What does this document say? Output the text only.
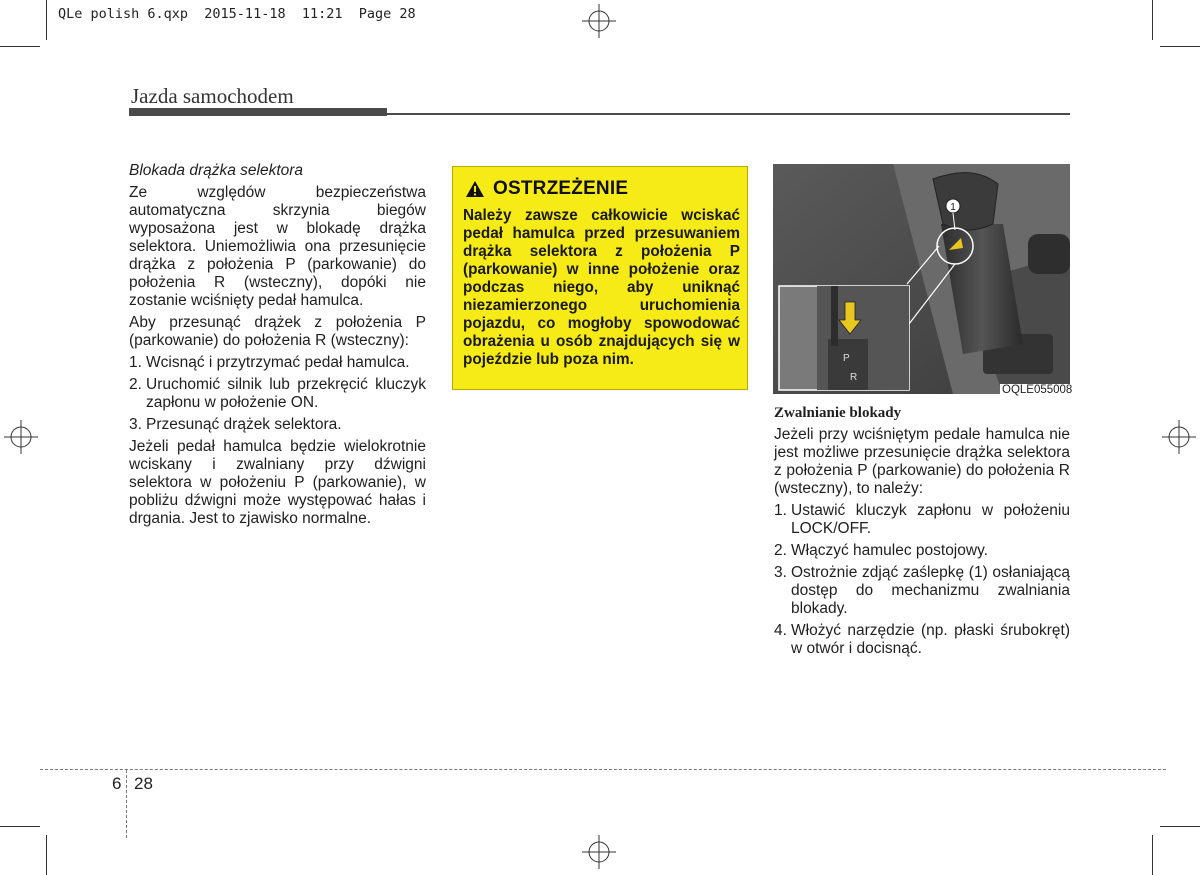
QLe polish 6.qxp  2015-11-18  11:21  Page 28
Jazda samochodem
Blokada drążka selektora

Ze względów bezpieczeństwa automatyczna skrzynia biegów wyposażona jest w blokadę drążka selektora. Uniemożliwia ona przesunięcie drążka z położenia P (parkowanie) do położenia R (wsteczny), dopóki nie zostanie wciśnięty pedał hamulca.

Aby przesunąć drążek z położenia P (parkowanie) do położenia R (wsteczny):

1. Wcisnąć i przytrzymać pedał hamulca.
2. Uruchomić silnik lub przekręcić kluczyk zapłonu w położenie ON.
3. Przesunąć drążek selektora.

Jeżeli pedał hamulca będzie wielokrotnie wciskany i zwalniany przy dźwigni selektora w położeniu P (parkowanie), w pobliżu dźwigni może występować hałas i drgania. Jest to zjawisko normalne.

OSTRZEŻENIE
Należy zawsze całkowicie wciskać pedał hamulca przed przesuwaniem drążka selektora z położenia P (parkowanie) w inne położenie oraz podczas niego, aby uniknąć niezamierzonego uruchomienia pojazdu, co mogłoby spowodować obrażenia u osób znajdujących się w pojeździe lub poza nim.
1
P
R
OQLE055008
Zwalnianie blokady

Jeżeli przy wciśniętym pedale hamulca nie jest możliwe przesunięcie drążka selektora z położenia P (parkowanie) do położenia R (wsteczny), to należy:

1. Ustawić kluczyk zapłonu w położeniu LOCK/OFF.
2. Włączyć hamulec postojowy.
3. Ostrożnie zdjąć zaślepkę (1) osłaniającą dostęp do mechanizmu zwalniania blokady.
4. Włożyć narzędzie (np. płaski śrubokręt) w otwór i docisnąć.
6 28
